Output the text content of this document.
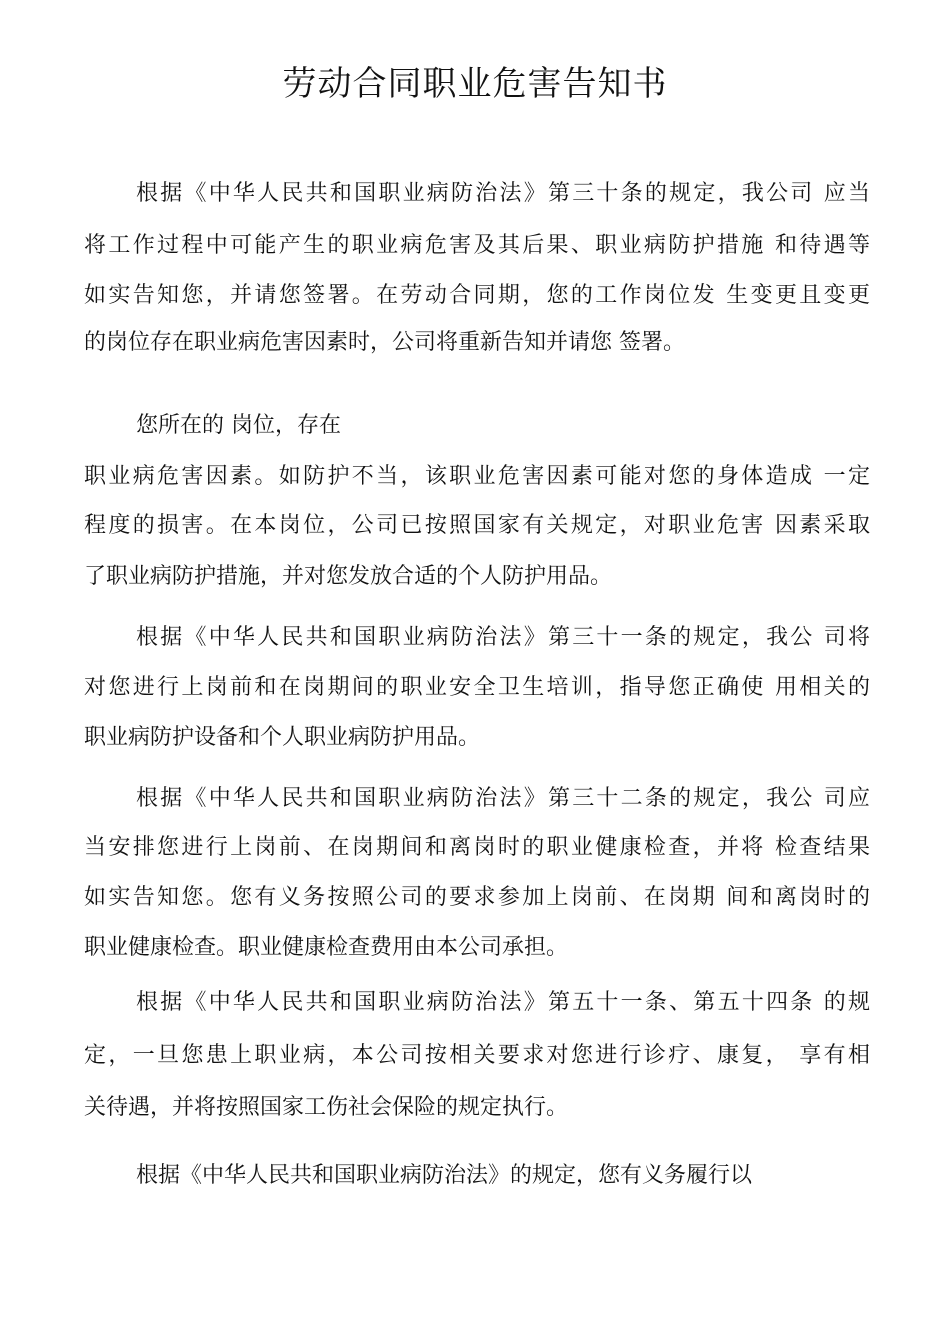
劳动合同职业危害告知书
根据《中华人民共和国职业病防治法》第三十条的规定，我公司 应当
将工作过程中可能产生的职业病危害及其后果、职业病防护措施 和待遇等
如实告知您，并请您签署。在劳动合同期，您的工作岗位发 生变更且变更
的岗位存在职业病危害因素时，公司将重新告知并请您 签署。
您所在的 岗位，存在
职业病危害因素。如防护不当，该职业危害因素可能对您的身体造成 一定
程度的损害。在本岗位，公司已按照国家有关规定，对职业危害 因素采取
了职业病防护措施，并对您发放合适的个人防护用品。
根据《中华人民共和国职业病防治法》第三十一条的规定，我公 司将
对您进行上岗前和在岗期间的职业安全卫生培训，指导您正确使 用相关的
职业病防护设备和个人职业病防护用品。
根据《中华人民共和国职业病防治法》第三十二条的规定，我公 司应
当安排您进行上岗前、在岗期间和离岗时的职业健康检查，并将 检查结果
如实告知您。您有义务按照公司的要求参加上岗前、在岗期 间和离岗时的
职业健康检查。职业健康检查费用由本公司承担。
根据《中华人民共和国职业病防治法》第五十一条、第五十四条 的规
定，一旦您患上职业病，本公司按相关要求对您进行诊疗、康复， 享有相
关待遇，并将按照国家工伤社会保险的规定执行。
根据《中华人民共和国职业病防治法》的规定，您有义务履行以
